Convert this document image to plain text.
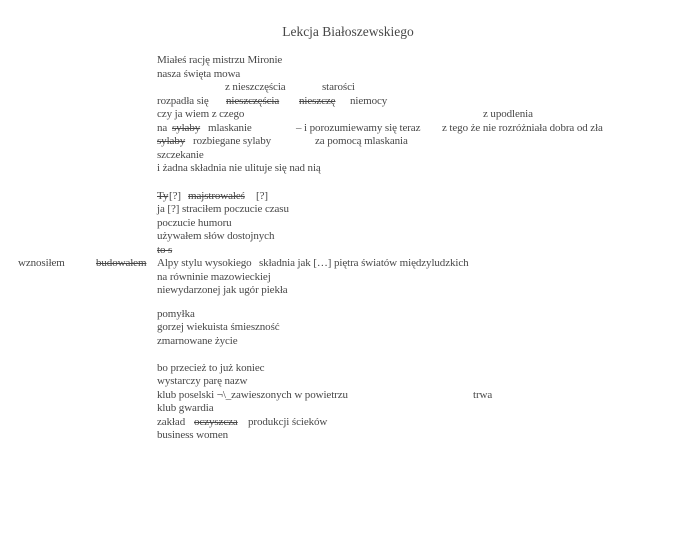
Lekcja Białoszewskiego
Miałeś rację mistrzu Mironie
nasza święta mowa
z nieszczęścia	starości
rozpadła się nieszczęścia nieszczę niemocy
czy ja wiem z czego	z upodlenia
na sylaby mlaskanie	– i porozumiewamy się teraz z tego że nie rozróżniała dobra od zła
sylaby rozbiegane sylaby	za pomocą mlaskania
szczekanie
i żadna składnia nie ulituje się nad nią
Ty [?] majstrowałeś [?]
ja [?] straciłem poczucie czasu
poczucie humoru
używałem słów dostojnych
to s
wznosiłem	budowałem Alpy stylu wysokiego składnia jak […] piętra światów międzyludzkich
na równinie mazowieckiej
niewydarzonej jak ugór piekła
pomyłka
gorzej wiekuista śmieszność
zmarnowane życie
bo przecież to już koniec
wystarczy parę nazw
klub poselski ¬\_zawieszonych w powietrzu	trwa
klub gwardia
zakład oczyszcza produkcji ścieków
business women
